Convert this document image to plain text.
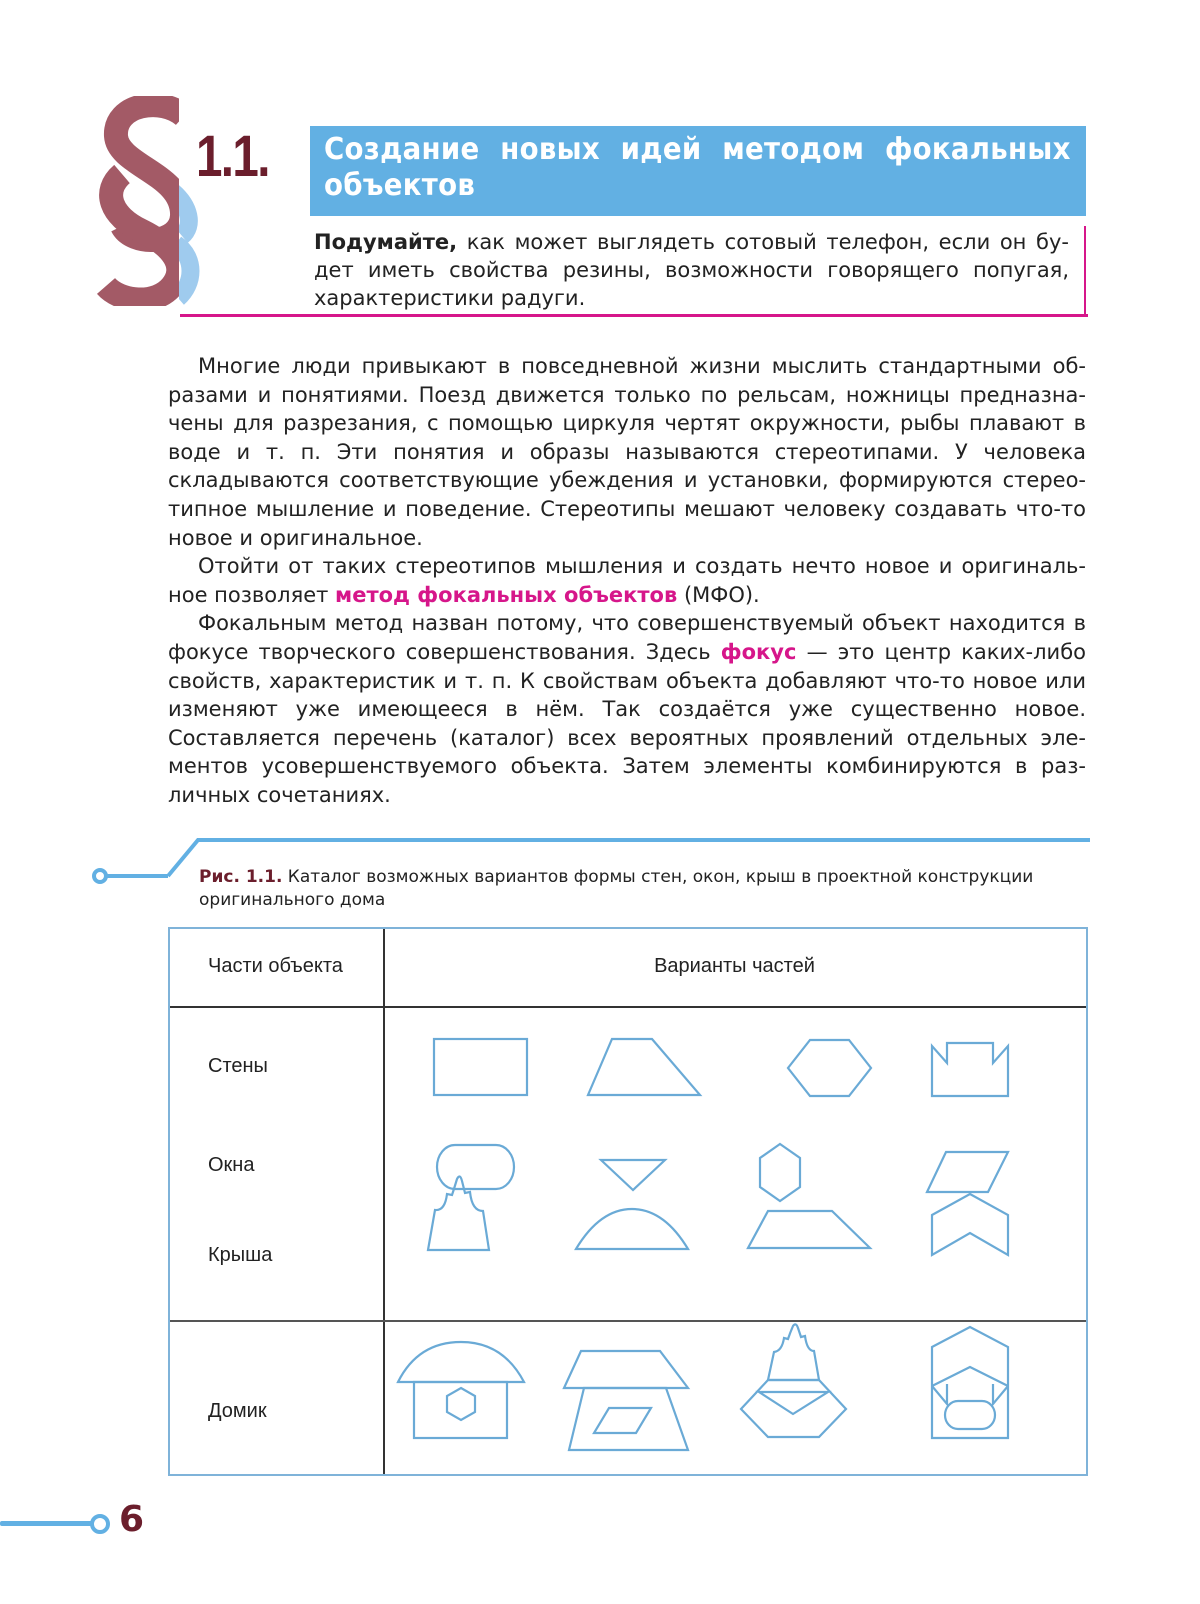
1.1. Создание новых идей методом фокальных объектов
Подумайте, как может выглядеть сотовый телефон, если он будет иметь свойства резины, возможности говорящего попугая, характеристики радуги.

Многие люди привыкают в повседневной жизни мыслить стандартными образами и понятиями. Поезд движется только по рельсам, ножницы предназначены для разрезания, с помощью циркуля чертят окружности, рыбы плавают в воде и т. п. Эти понятия и образы называются стереотипами. У человека складываются соответствующие убеждения и установки, формируются стереотипное мышление и поведение. Стереотипы мешают человеку создавать что-то новое и оригинальное.

Отойти от таких стереотипов мышления и создать нечто новое и оригинальное позволяет метод фокальных объектов (МФО).

Фокальным метод назван потому, что совершенствуемый объект находится в фокусе творческого совершенствования. Здесь фокус — это центр каких-либо свойств, характеристик и т. п. К свойствам объекта добавляют что-то новое или изменяют уже имеющееся в нём. Так создаётся уже существенно новое. Составляется перечень (каталог) всех вероятных проявлений отдельных элементов усовершенствуемого объекта. Затем элементы комбинируются в различных сочетаниях.

Рис. 1.1. Каталог возможных вариантов формы стен, окон, крыш в проектной конструкции оригинального дома
Части объекта	Варианты частей
Стены
Окна
Крыша
Домик
6
